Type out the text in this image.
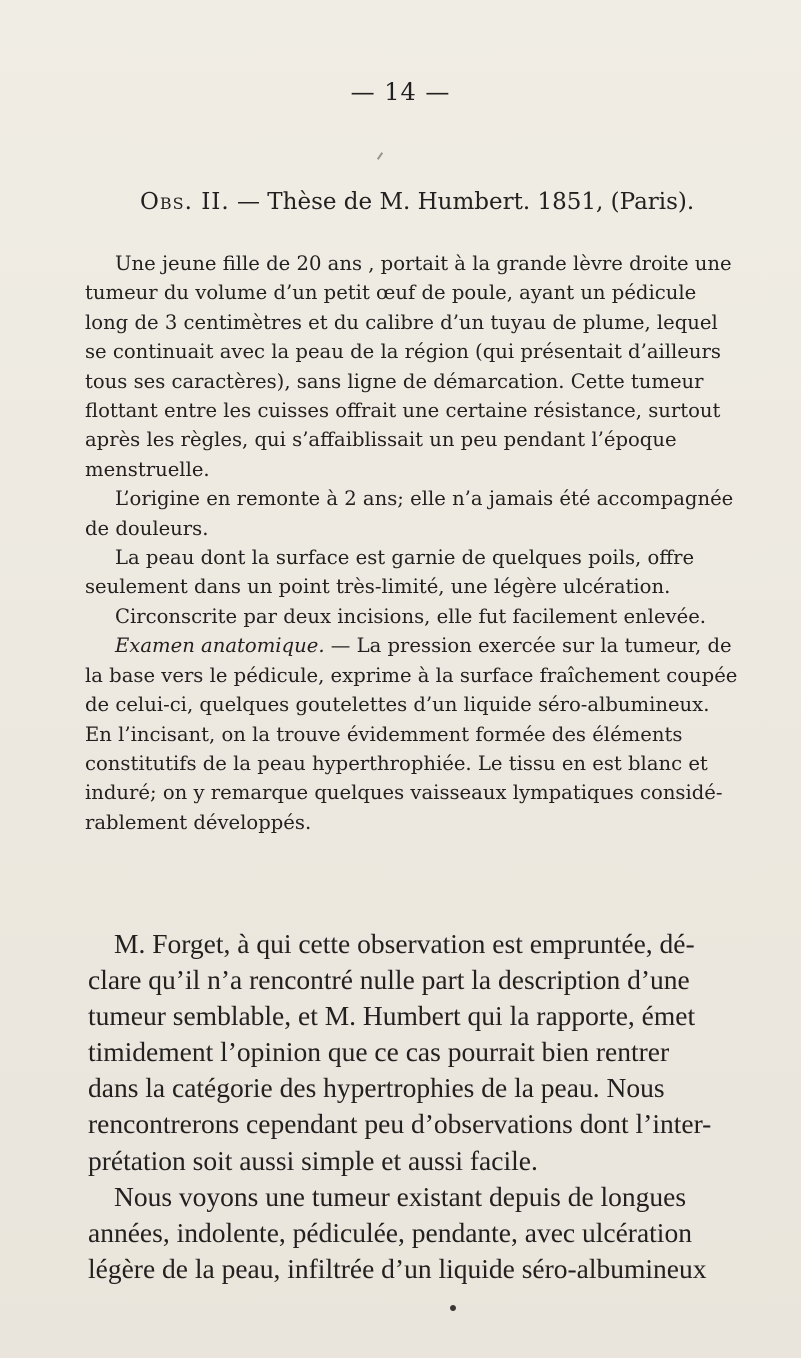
— 14 —
Obs. II. — Thèse de M. Humbert. 1851, (Paris).
Une jeune fille de 20 ans , portait à la grande lèvre droite une
tumeur du volume d’un petit œuf de poule, ayant un pédicule
long de 3 centimètres et du calibre d’un tuyau de plume, lequel
se continuait avec la peau de la région (qui présentait d’ailleurs
tous ses caractères), sans ligne de démarcation. Cette tumeur
flottant entre les cuisses offrait une certaine résistance, surtout
après les règles, qui s’affaiblissait un peu pendant l’époque
menstruelle.
L’origine en remonte à 2 ans; elle n’a jamais été accompagnée
de douleurs.
La peau dont la surface est garnie de quelques poils, offre
seulement dans un point très-limité, une légère ulcération.
Circonscrite par deux incisions, elle fut facilement enlevée.
Examen anatomique. — La pression exercée sur la tumeur, de
la base vers le pédicule, exprime à la surface fraîchement coupée
de celui-ci, quelques goutelettes d’un liquide séro-albumineux.
En l’incisant, on la trouve évidemment formée des éléments
constitutifs de la peau hyperthrophiée. Le tissu en est blanc et
induré; on y remarque quelques vaisseaux lympatiques considé-
rablement développés.
M. Forget, à qui cette observation est empruntée, dé-
clare qu’il n’a rencontré nulle part la description d’une
tumeur semblable, et M. Humbert qui la rapporte, émet
timidement l’opinion que ce cas pourrait bien rentrer
dans la catégorie des hypertrophies de la peau. Nous
rencontrerons cependant peu d’observations dont l’inter-
prétation soit aussi simple et aussi facile.
Nous voyons une tumeur existant depuis de longues
années, indolente, pédiculée, pendante, avec ulcération
légère de la peau, infiltrée d’un liquide séro-albumineux
